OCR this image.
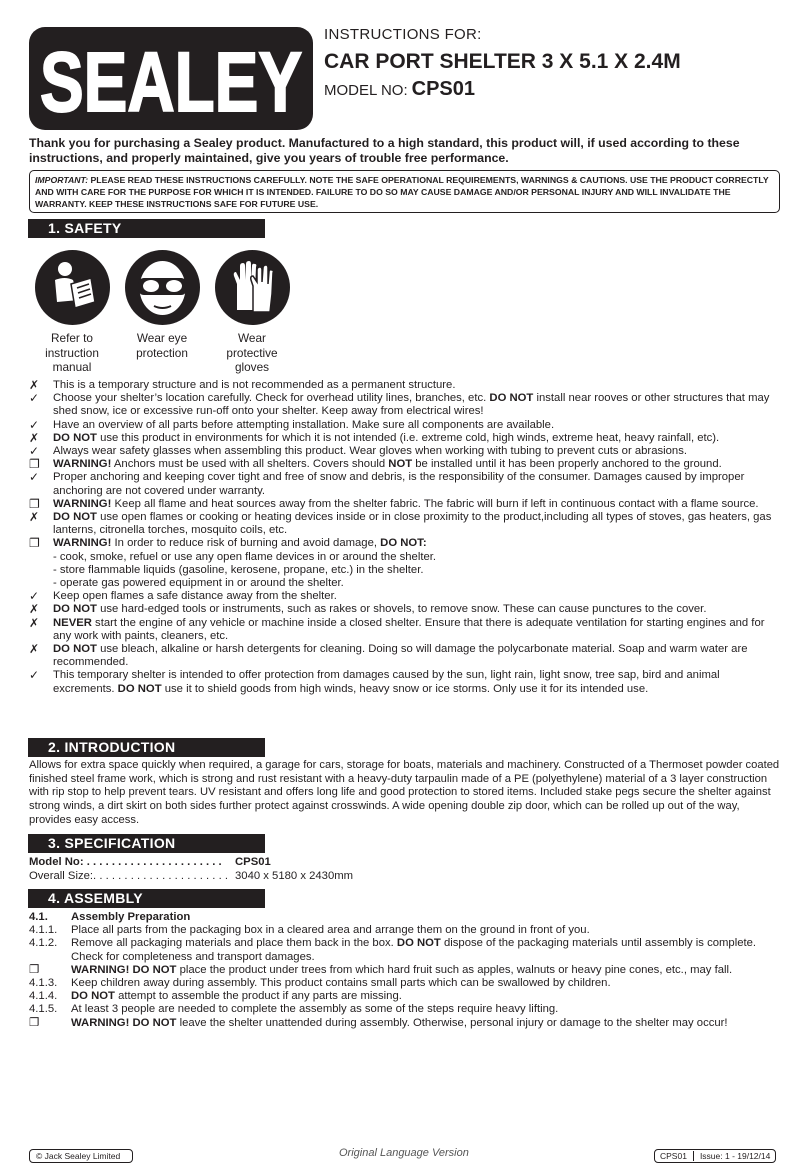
SEALEY
INSTRUCTIONS FOR:
CAR PORT SHELTER 3 X 5.1 X 2.4M
MODEL NO: CPS01
Thank you for purchasing a Sealey product. Manufactured to a high standard, this product will, if used according to these instructions, and properly maintained, give you years of trouble free performance.
IMPORTANT: PLEASE READ THESE INSTRUCTIONS CAREFULLY. NOTE THE SAFE OPERATIONAL REQUIREMENTS, WARNINGS & CAUTIONS. USE THE PRODUCT CORRECTLY AND WITH CARE FOR THE PURPOSE FOR WHICH IT IS INTENDED. FAILURE TO DO SO MAY CAUSE DAMAGE AND/OR PERSONAL INJURY AND WILL INVALIDATE THE WARRANTY. KEEP THESE INSTRUCTIONS SAFE FOR FUTURE USE.
1. SAFETY
Refer to instruction manual
Wear eye protection
Wear protective gloves
✗	This is a temporary structure and is not recommended as a permanent structure.
✓	Choose your shelter’s location carefully. Check for overhead utility lines, branches, etc. DO NOT install near rooves or other structures that may shed snow, ice or excessive run-off onto your shelter. Keep away from electrical wires!
✓	Have an overview of all parts before attempting installation. Make sure all components are available.
✗	DO NOT use this product in environments for which it is not intended (i.e. extreme cold, high winds, extreme heat, heavy rainfall, etc).
✓	Always wear safety glasses when assembling this product. Wear gloves when working with tubing to prevent cuts or abrasions.
❐	WARNING! Anchors must be used with all shelters. Covers should NOT be installed until it has been properly anchored to the ground.
✓	Proper anchoring and keeping cover tight and free of snow and debris, is the responsibility of the consumer. Damages caused by improper anchoring are not covered under warranty.
❐	WARNING! Keep all flame and heat sources away from the shelter fabric. The fabric will burn if left in continuous contact with a flame source.
✗	DO NOT use open flames or cooking or heating devices inside or in close proximity to the product,including all types of stoves, gas heaters, gas lanterns, citronella torches, mosquito coils, etc.
❐	WARNING! In order to reduce risk of burning and avoid damage, DO NOT:
- cook, smoke, refuel or use any open flame devices in or around the shelter.
- store flammable liquids (gasoline, kerosene, propane, etc.) in the shelter.
- operate gas powered equipment in or around the shelter.
✓	Keep open flames a safe distance away from the shelter.
✗	DO NOT use hard-edged tools or instruments, such as rakes or shovels, to remove snow. These can cause punctures to the cover.
✗	NEVER start the engine of any vehicle or machine inside a closed shelter. Ensure that there is adequate ventilation for starting engines and for any work with paints, cleaners, etc.
✗	DO NOT use bleach, alkaline or harsh detergents for cleaning. Doing so will damage the polycarbonate material. Soap and warm water are recommended.
✓	This temporary shelter is intended to offer protection from damages caused by the sun, light rain, light snow, tree sap, bird and animal excrements. DO NOT use it to shield goods from high winds, heavy snow or ice storms. Only use it for its intended use.
2. INTRODUCTION
Allows for extra space quickly when required, a garage for cars, storage for boats, materials and machinery. Constructed of a Thermoset powder coated finished steel frame work, which is strong and rust resistant with a heavy-duty tarpaulin made of a PE (polyethylene) material of a 3 layer construction with rip stop to help prevent tears. UV resistant and offers long life and good protection to stored items. Included stake pegs secure the shelter against strong winds, a dirt skirt on both sides further protect against crosswinds. A wide opening double zip door, which can be rolled up out of the way, provides easy access.
3. SPECIFICATION
Model No: . . . . . . . . . . . . . . . . . . . . . . CPS01
Overall Size:. . . . . . . . . . . . . . . . . . . . . . 3040 x 5180 x 2430mm
4. ASSEMBLY
4.1. Assembly Preparation
4.1.1. Place all parts from the packaging box in a cleared area and arrange them on the ground in front of you.
4.1.2. Remove all packaging materials and place them back in the box. DO NOT dispose of the packaging materials until assembly is complete.
Check for completeness and transport damages.
❐	WARNING! DO NOT place the product under trees from which hard fruit such as apples, walnuts or heavy pine cones, etc., may fall.
4.1.3. Keep children away during assembly. This product contains small parts which can be swallowed by children.
4.1.4. DO NOT attempt to assemble the product if any parts are missing.
4.1.5. At least 3 people are needed to complete the assembly as some of the steps require heavy lifting.
❐	WARNING! DO NOT leave the shelter unattended during assembly. Otherwise, personal injury or damage to the shelter may occur!
© Jack Sealey Limited	Original Language Version	CPS01 Issue: 1 - 19/12/14
